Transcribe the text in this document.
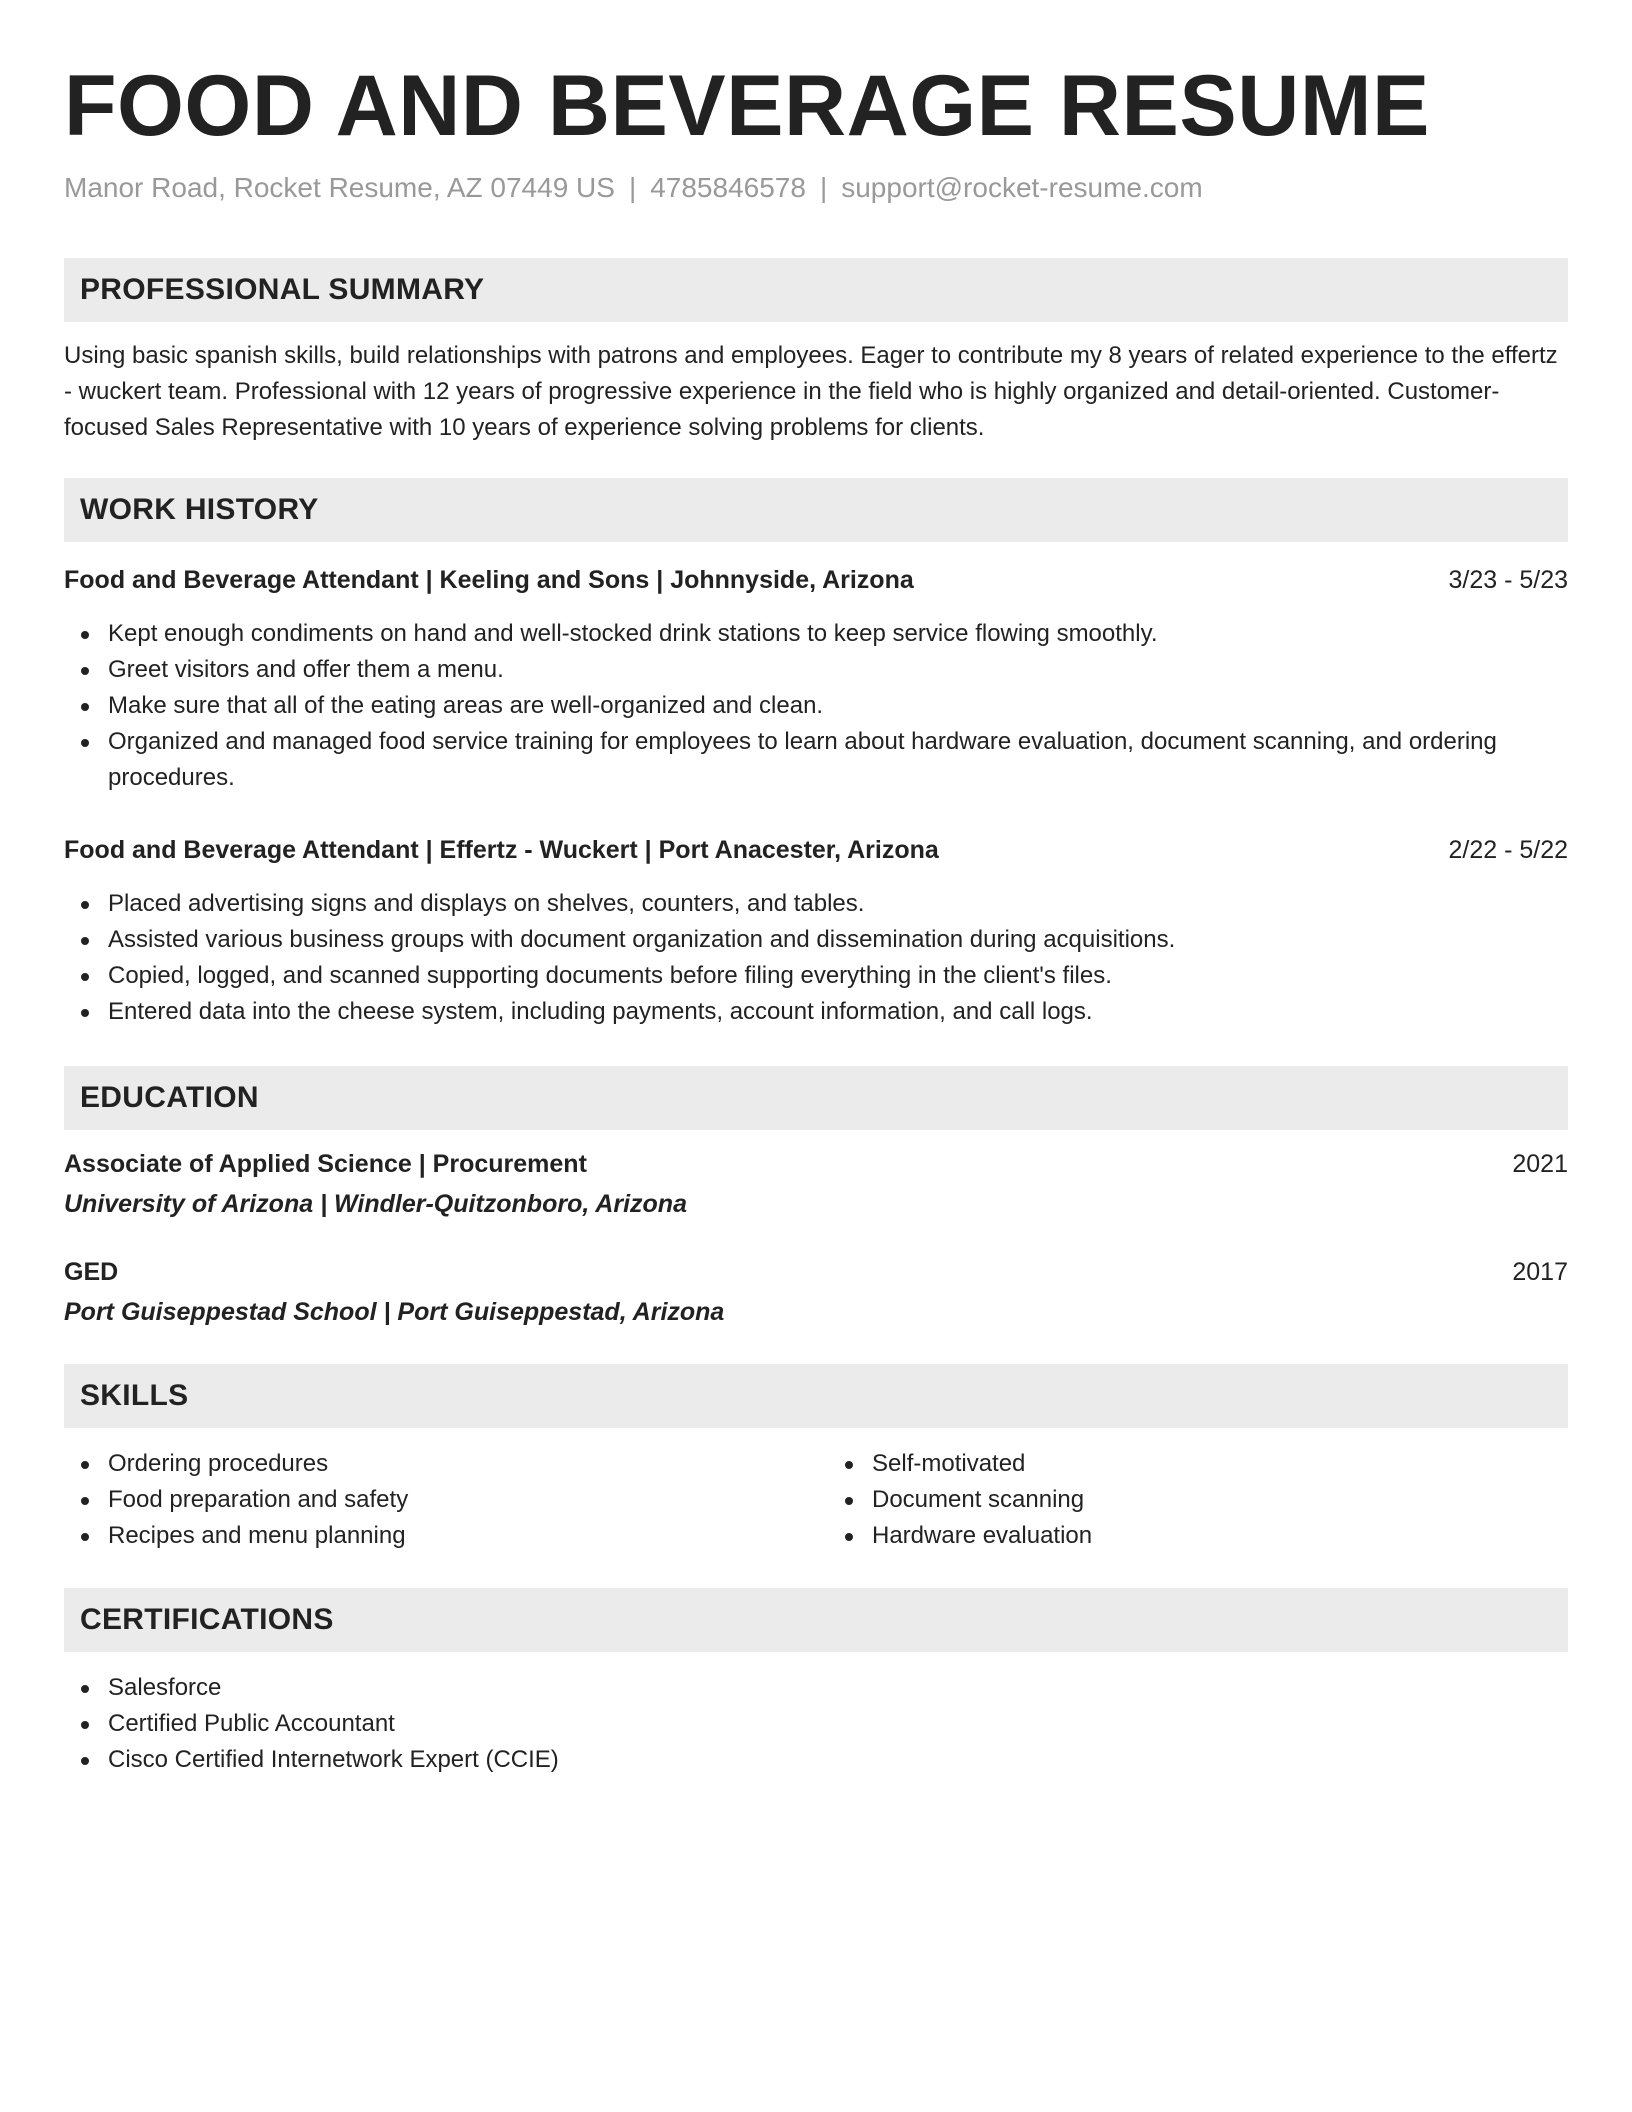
FOOD AND BEVERAGE RESUME
Manor Road, Rocket Resume, AZ 07449 US | 4785846578 | support@rocket-resume.com
PROFESSIONAL SUMMARY

Using basic spanish skills, build relationships with patrons and employees. Eager to contribute my 8 years of related experience to the effertz - wuckert team. Professional with 12 years of progressive experience in the field who is highly organized and detail-oriented. Customer-focused Sales Representative with 10 years of experience solving problems for clients.

WORK HISTORY
Food and Beverage Attendant | Keeling and Sons | Johnnyside, Arizona	3/23 - 5/23
Kept enough condiments on hand and well-stocked drink stations to keep service flowing smoothly.
Greet visitors and offer them a menu.
Make sure that all of the eating areas are well-organized and clean.
Organized and managed food service training for employees to learn about hardware evaluation, document scanning, and ordering procedures.
Food and Beverage Attendant | Effertz - Wuckert | Port Anacester, Arizona	2/22 - 5/22
Placed advertising signs and displays on shelves, counters, and tables.
Assisted various business groups with document organization and dissemination during acquisitions.
Copied, logged, and scanned supporting documents before filing everything in the client's files.
Entered data into the cheese system, including payments, account information, and call logs.
EDUCATION
Associate of Applied Science | Procurement	2021
University of Arizona | Windler-Quitzonboro, Arizona
GED	2017
Port Guiseppestad School | Port Guiseppestad, Arizona
SKILLS
Ordering procedures
Food preparation and safety
Recipes and menu planning
Self-motivated
Document scanning
Hardware evaluation
CERTIFICATIONS
Salesforce
Certified Public Accountant
Cisco Certified Internetwork Expert (CCIE)
